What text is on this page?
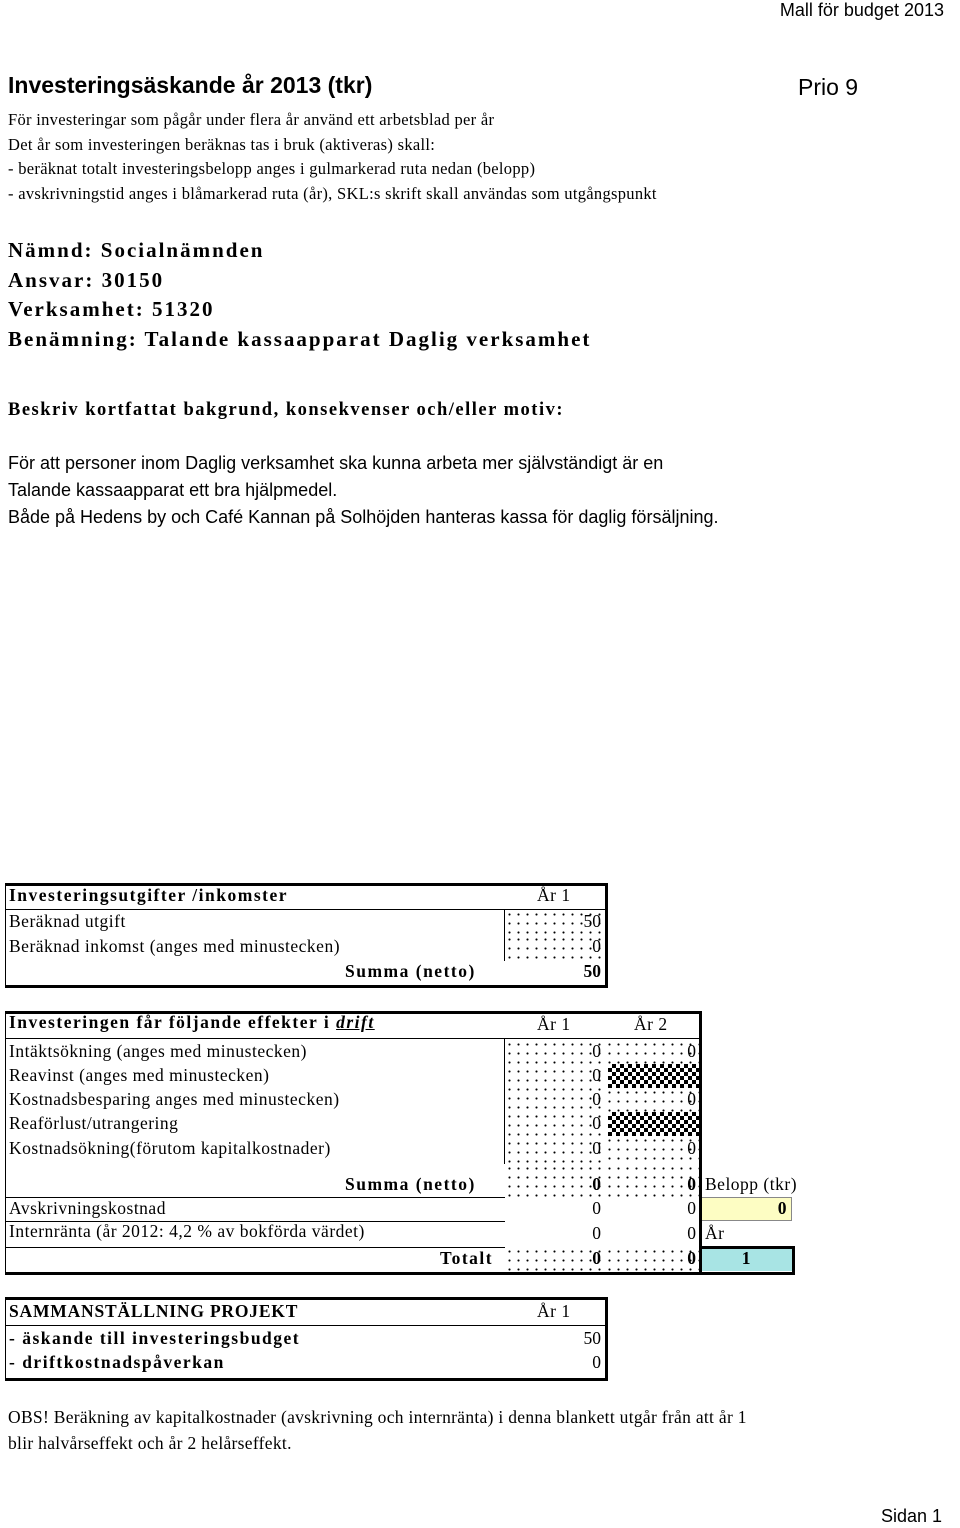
Mall för budget 2013
Investeringsäskande år 2013 (tkr)	Prio 9
För investeringar som pågår under flera år använd ett arbetsblad per år
Det år som investeringen beräknas tas i bruk (aktiveras) skall:
- beräknat totalt investeringsbelopp anges i gulmarkerad ruta nedan (belopp)
- avskrivningstid anges i blåmarkerad ruta (år), SKL:s skrift skall användas som utgångspunkt
Nämnd: Socialnämnden
Ansvar: 30150
Verksamhet: 51320
Benämning: Talande kassaapparat Daglig verksamhet
Beskriv kortfattat bakgrund, konsekvenser och/eller motiv:
För att personer inom Daglig verksamhet ska kunna arbeta mer självständigt är en
Talande kassaapparat ett bra hjälpmedel.
Både på Hedens by och Café Kannan på Solhöjden hanteras kassa för daglig försäljning.
Investeringsutgifter /inkomster	År 1
Beräknad utgift	50
Beräknad inkomst (anges med minustecken)	0
Summa (netto)	50
Investeringen får följande effekter i drift	År 1	År 2
Intäktsökning (anges med minustecken)	0	0
Reavinst (anges med minustecken)	0
Kostnadsbesparing anges med minustecken)	0	0
Reaförlust/utrangering	0
Kostnadsökning(förutom kapitalkostnader)	0	0
Summa (netto)	0	0 Belopp (tkr)
Avskrivningskostnad	0	0	0
Internränta (år 2012: 4,2 % av bokförda värdet)	0	0 År
Totalt	0	0	1
SAMMANSTÄLLNING PROJEKT	År 1
- äskande till investeringsbudget	50
- driftkostnadspåverkan	0
OBS! Beräkning av kapitalkostnader (avskrivning och internränta) i denna blankett utgår från att år 1
blir halvårseffekt och år 2 helårseffekt.
Sidan 1
